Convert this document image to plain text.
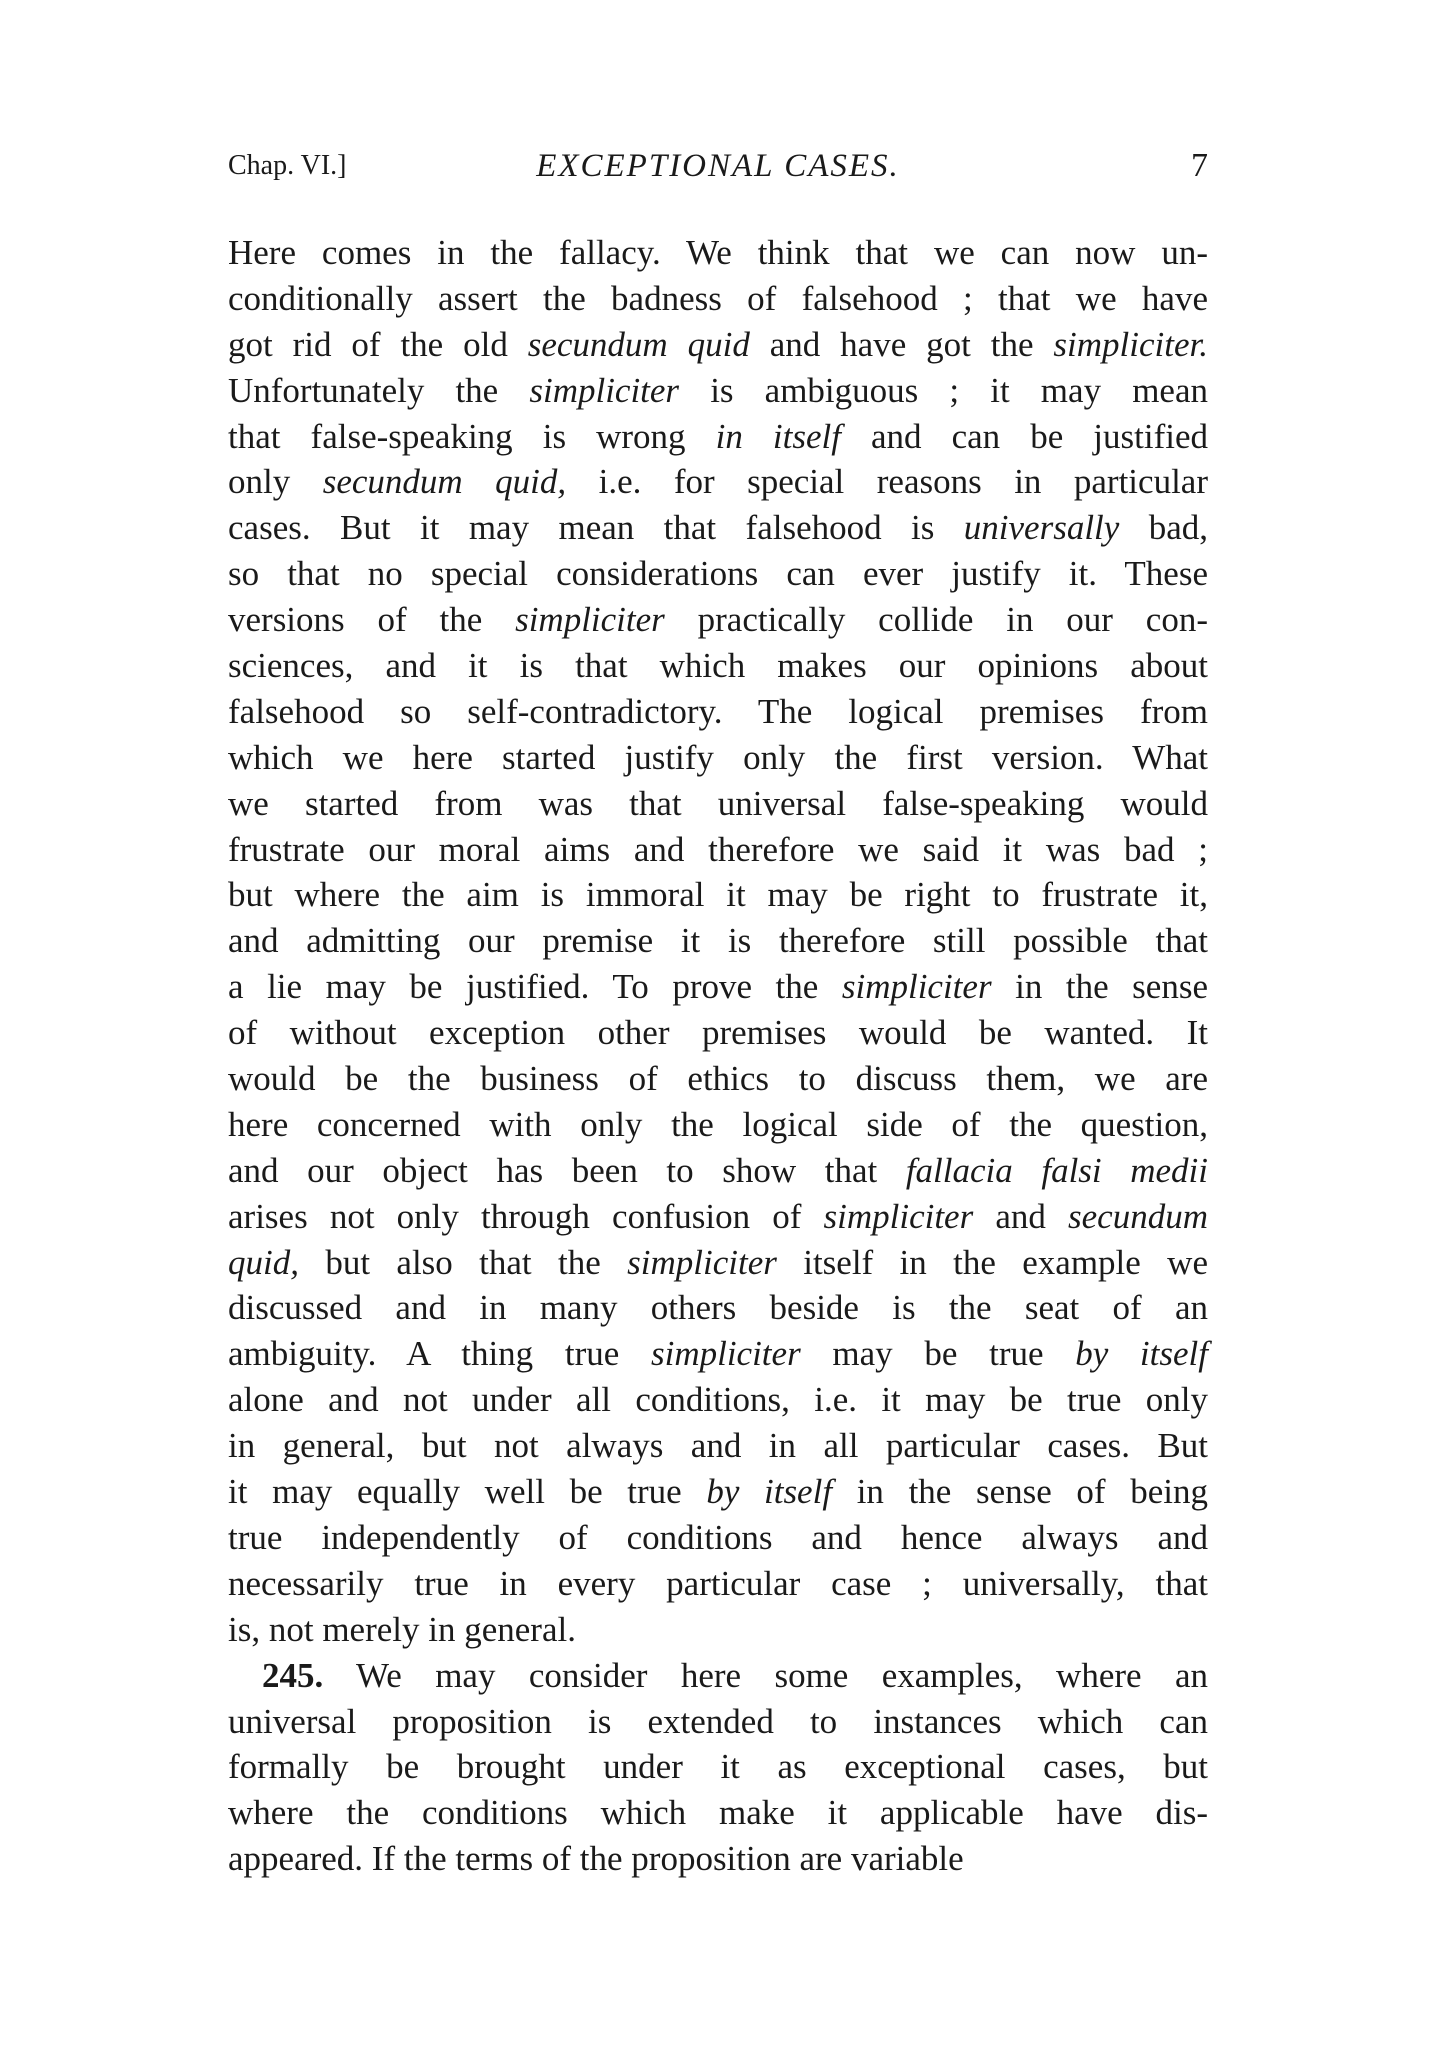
Chap. VI.]	EXCEPTIONAL CASES.	7
Here comes in the fallacy. We think that we can now un-
conditionally assert the badness of falsehood ; that we have
got rid of the old secundum quid and have got the simpliciter.
Unfortunately the simpliciter is ambiguous ; it may mean
that false-speaking is wrong in itself and can be justified
only secundum quid, i.e. for special reasons in particular
cases. But it may mean that falsehood is universally bad,
so that no special considerations can ever justify it. These
versions of the simpliciter practically collide in our con-
sciences, and it is that which makes our opinions about
falsehood so self-contradictory. The logical premises from
which we here started justify only the first version. What
we started from was that universal false-speaking would
frustrate our moral aims and therefore we said it was bad ;
but where the aim is immoral it may be right to frustrate it,
and admitting our premise it is therefore still possible that
a lie may be justified. To prove the simpliciter in the sense
of without exception other premises would be wanted. It
would be the business of ethics to discuss them, we are
here concerned with only the logical side of the question,
and our object has been to show that fallacia falsi medii
arises not only through confusion of simpliciter and secundum
quid, but also that the simpliciter itself in the example we
discussed and in many others beside is the seat of an
ambiguity. A thing true simpliciter may be true by itself
alone and not under all conditions, i.e. it may be true only
in general, but not always and in all particular cases. But
it may equally well be true by itself in the sense of being
true independently of conditions and hence always and
necessarily true in every particular case ; universally, that
is, not merely in general.
245. We may consider here some examples, where an
universal proposition is extended to instances which can
formally be brought under it as exceptional cases, but
where the conditions which make it applicable have dis-
appeared. If the terms of the proposition are variable
